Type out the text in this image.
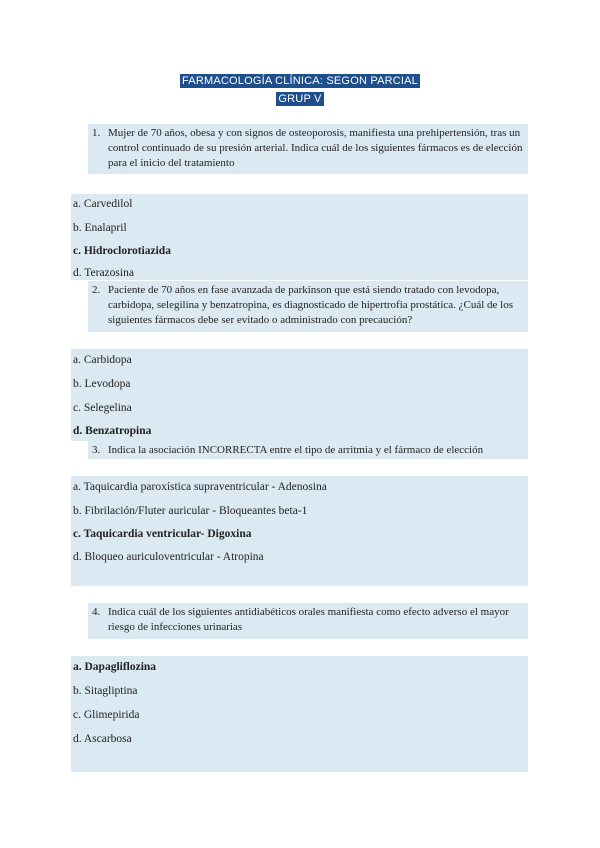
FARMACOLOGÍA CLÍNICA: SEGON PARCIAL
GRUP V
1. Mujer de 70 años, obesa y con signos de osteoporosis, manifiesta una prehipertensión, tras un control continuado de su presión arterial. Indica cuál de los siguientes fármacos es de elección para el inicio del tratamiento
a. Carvedilol
b. Enalapril
c. Hidroclorotiazida
d. Terazosina
2. Paciente de 70 años en fase avanzada de parkinson que está siendo tratado con levodopa, carbidopa, selegilina y benzatropina, es diagnosticado de hipertrofia prostática. ¿Cuál de los siguientes fármacos debe ser evitado o administrado con precaución?
a. Carbidopa
b. Levodopa
c. Selegelina
d. Benzatropina
3. Indica la asociación INCORRECTA entre el tipo de arritmia y el fármaco de elección
a. Taquicardia paroxística supraventricular - Adenosina
b. Fibrilación/Fluter auricular - Bloqueantes beta-1
c. Taquicardia ventricular- Digoxina
d. Bloqueo auriculoventricular - Atropina
4. Indica cuál de los siguientes antidiabéticos orales manifiesta como efecto adverso el mayor riesgo de infecciones urinarias
a. Dapagliflozina
b. Sitagliptina
c. Glimepirida
d. Ascarbosa
